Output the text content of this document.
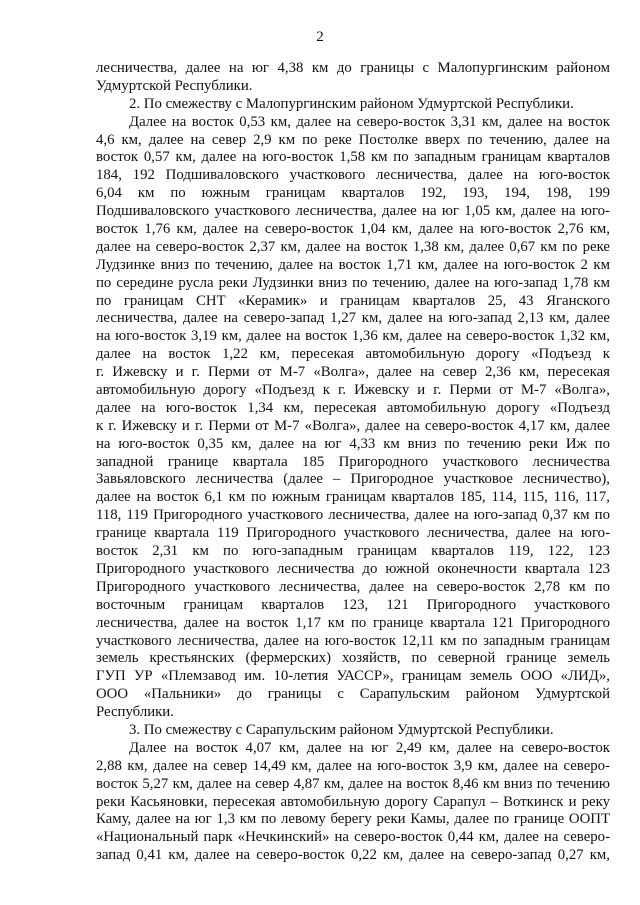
2
лесничества, далее на юг 4,38 км до границы с Малопургинским районом
Удмуртской Республики.
2. По смежеству с Малопургинским районом Удмуртской Республики.
Далее на восток 0,53 км, далее на северо-восток 3,31 км, далее на восток
4,6 км, далее на север 2,9 км по реке Постолке вверх по течению, далее на
восток 0,57 км, далее на юго-восток 1,58 км по западным границам кварталов
184, 192 Подшиваловского участкового лесничества, далее на юго-восток
6,04 км по южным границам кварталов 192, 193, 194, 198, 199
Подшиваловского участкового лесничества, далее на юг 1,05 км, далее на юго-
восток 1,76 км, далее на северо-восток 1,04 км, далее на юго-восток 2,76 км,
далее на северо-восток 2,37 км, далее на восток 1,38 км, далее 0,67 км по реке
Лудзинке вниз по течению, далее на восток 1,71 км, далее на юго-восток 2 км
по середине русла реки Лудзинки вниз по течению, далее на юго-запад 1,78 км
по границам СНТ «Керамик» и границам кварталов 25, 43 Яганского
лесничества, далее на северо-запад 1,27 км, далее на юго-запад 2,13 км, далее
на юго-восток 3,19 км, далее на восток 1,36 км, далее на северо-восток 1,32 км,
далее на восток 1,22 км, пересекая автомобильную дорогу «Подъезд к
г. Ижевску и г. Перми от М-7 «Волга», далее на север 2,36 км, пересекая
автомобильную дорогу «Подъезд к г. Ижевску и г. Перми от М-7 «Волга»,
далее на юго-восток 1,34 км, пересекая автомобильную дорогу «Подъезд
к г. Ижевску и г. Перми от М-7 «Волга», далее на северо-восток 4,17 км, далее
на юго-восток 0,35 км, далее на юг 4,33 км вниз по течению реки Иж по
западной границе квартала 185 Пригородного участкового лесничества
Завьяловского лесничества (далее – Пригородное участковое лесничество),
далее на восток 6,1 км по южным границам кварталов 185, 114, 115, 116, 117,
118, 119 Пригородного участкового лесничества, далее на юго-запад 0,37 км по
границе квартала 119 Пригородного участкового лесничества, далее на юго-
восток 2,31 км по юго-западным границам кварталов 119, 122, 123
Пригородного участкового лесничества до южной оконечности квартала 123
Пригородного участкового лесничества, далее на северо-восток 2,78 км по
восточным границам кварталов 123, 121 Пригородного участкового
лесничества, далее на восток 1,17 км по границе квартала 121 Пригородного
участкового лесничества, далее на юго-восток 12,11 км по западным границам
земель крестьянских (фермерских) хозяйств, по северной границе земель
ГУП УР «Племзавод им. 10-летия УАССР», границам земель ООО «ЛИД»,
ООО «Пальники» до границы с Сарапульским районом Удмуртской
Республики.
3. По смежеству с Сарапульским районом Удмуртской Республики.
Далее на восток 4,07 км, далее на юг 2,49 км, далее на северо-восток
2,88 км, далее на север 14,49 км, далее на юго-восток 3,9 км, далее на северо-
восток 5,27 км, далее на север 4,87 км, далее на восток 8,46 км вниз по течению
реки Касьяновки, пересекая автомобильную дорогу Сарапул – Воткинск и реку
Каму, далее на юг 1,3 км по левому берегу реки Камы, далее по границе ООПТ
«Национальный парк «Нечкинский» на северо-восток 0,44 км, далее на северо-
запад 0,41 км, далее на северо-восток 0,22 км, далее на северо-запад 0,27 км,
